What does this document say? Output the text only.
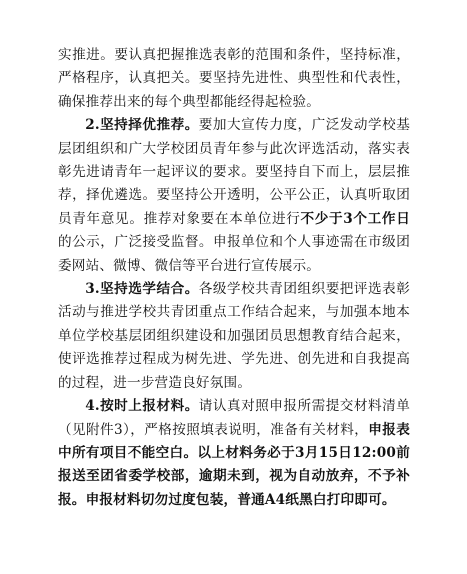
实推进。要认真把握推选表彰的范围和条件，坚持标准，严格程序，认真把关。要坚持先进性、典型性和代表性，确保推荐出来的每个典型都能经得起检验。

2.坚持择优推荐。要加大宣传力度，广泛发动学校基层团组织和广大学校团员青年参与此次评选活动，落实表彰先进请青年一起评议的要求。要坚持自下而上，层层推荐，择优遴选。要坚持公开透明，公平公正，认真听取团员青年意见。推荐对象要在本单位进行不少于3个工作日的公示，广泛接受监督。申报单位和个人事迹需在市级团委网站、微博、微信等平台进行宣传展示。

3.坚持选学结合。各级学校共青团组织要把评选表彰活动与推进学校共青团重点工作结合起来，与加强本地本单位学校基层团组织建设和加强团员思想教育结合起来，使评选推荐过程成为树先进、学先进、创先进和自我提高的过程，进一步营造良好氛围。

4.按时上报材料。请认真对照申报所需提交材料清单（见附件3），严格按照填表说明，准备有关材料，申报表中所有项目不能空白。以上材料务必于3月15日12:00前报送至团省委学校部，逾期未到，视为自动放弃，不予补报。申报材料切勿过度包装，普通A4纸黑白打印即可。
